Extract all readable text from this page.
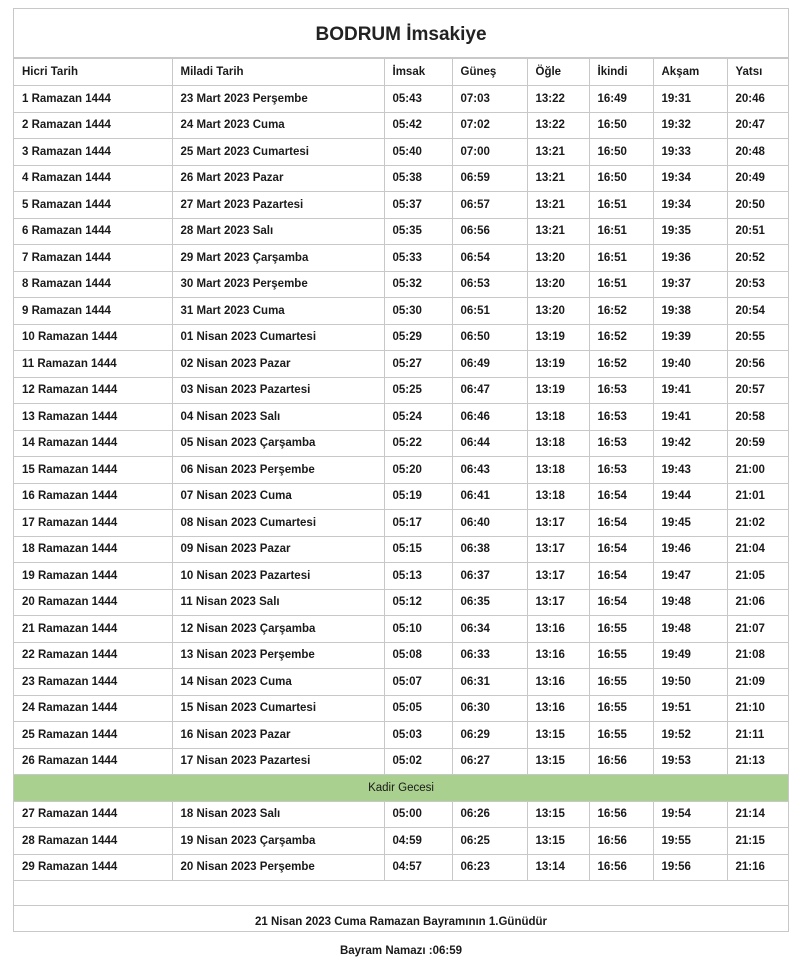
BODRUM İmsakiye
Hicri Tarih	Miladi Tarih	İmsak	Güneş	Öğle	İkindi	Akşam	Yatsı
1 Ramazan 1444	23 Mart 2023 Perşembe	05:43	07:03	13:22	16:49	19:31	20:46
2 Ramazan 1444	24 Mart 2023 Cuma	05:42	07:02	13:22	16:50	19:32	20:47
3 Ramazan 1444	25 Mart 2023 Cumartesi	05:40	07:00	13:21	16:50	19:33	20:48
4 Ramazan 1444	26 Mart 2023 Pazar	05:38	06:59	13:21	16:50	19:34	20:49
5 Ramazan 1444	27 Mart 2023 Pazartesi	05:37	06:57	13:21	16:51	19:34	20:50
6 Ramazan 1444	28 Mart 2023 Salı	05:35	06:56	13:21	16:51	19:35	20:51
7 Ramazan 1444	29 Mart 2023 Çarşamba	05:33	06:54	13:20	16:51	19:36	20:52
8 Ramazan 1444	30 Mart 2023 Perşembe	05:32	06:53	13:20	16:51	19:37	20:53
9 Ramazan 1444	31 Mart 2023 Cuma	05:30	06:51	13:20	16:52	19:38	20:54
10 Ramazan 1444	01 Nisan 2023 Cumartesi	05:29	06:50	13:19	16:52	19:39	20:55
11 Ramazan 1444	02 Nisan 2023 Pazar	05:27	06:49	13:19	16:52	19:40	20:56
12 Ramazan 1444	03 Nisan 2023 Pazartesi	05:25	06:47	13:19	16:53	19:41	20:57
13 Ramazan 1444	04 Nisan 2023 Salı	05:24	06:46	13:18	16:53	19:41	20:58
14 Ramazan 1444	05 Nisan 2023 Çarşamba	05:22	06:44	13:18	16:53	19:42	20:59
15 Ramazan 1444	06 Nisan 2023 Perşembe	05:20	06:43	13:18	16:53	19:43	21:00
16 Ramazan 1444	07 Nisan 2023 Cuma	05:19	06:41	13:18	16:54	19:44	21:01
17 Ramazan 1444	08 Nisan 2023 Cumartesi	05:17	06:40	13:17	16:54	19:45	21:02
18 Ramazan 1444	09 Nisan 2023 Pazar	05:15	06:38	13:17	16:54	19:46	21:04
19 Ramazan 1444	10 Nisan 2023 Pazartesi	05:13	06:37	13:17	16:54	19:47	21:05
20 Ramazan 1444	11 Nisan 2023 Salı	05:12	06:35	13:17	16:54	19:48	21:06
21 Ramazan 1444	12 Nisan 2023 Çarşamba	05:10	06:34	13:16	16:55	19:48	21:07
22 Ramazan 1444	13 Nisan 2023 Perşembe	05:08	06:33	13:16	16:55	19:49	21:08
23 Ramazan 1444	14 Nisan 2023 Cuma	05:07	06:31	13:16	16:55	19:50	21:09
24 Ramazan 1444	15 Nisan 2023 Cumartesi	05:05	06:30	13:16	16:55	19:51	21:10
25 Ramazan 1444	16 Nisan 2023 Pazar	05:03	06:29	13:15	16:55	19:52	21:11
26 Ramazan 1444	17 Nisan 2023 Pazartesi	05:02	06:27	13:15	16:56	19:53	21:13
Kadir Gecesi							
27 Ramazan 1444	18 Nisan 2023 Salı	05:00	06:26	13:15	16:56	19:54	21:14
28 Ramazan 1444	19 Nisan 2023 Çarşamba	04:59	06:25	13:15	16:56	19:55	21:15
29 Ramazan 1444	20 Nisan 2023 Perşembe	04:57	06:23	13:14	16:56	19:56	21:16

21 Nisan 2023 Cuma Ramazan Bayramının 1.Günüdür
Bayram Namazı :06:59							
